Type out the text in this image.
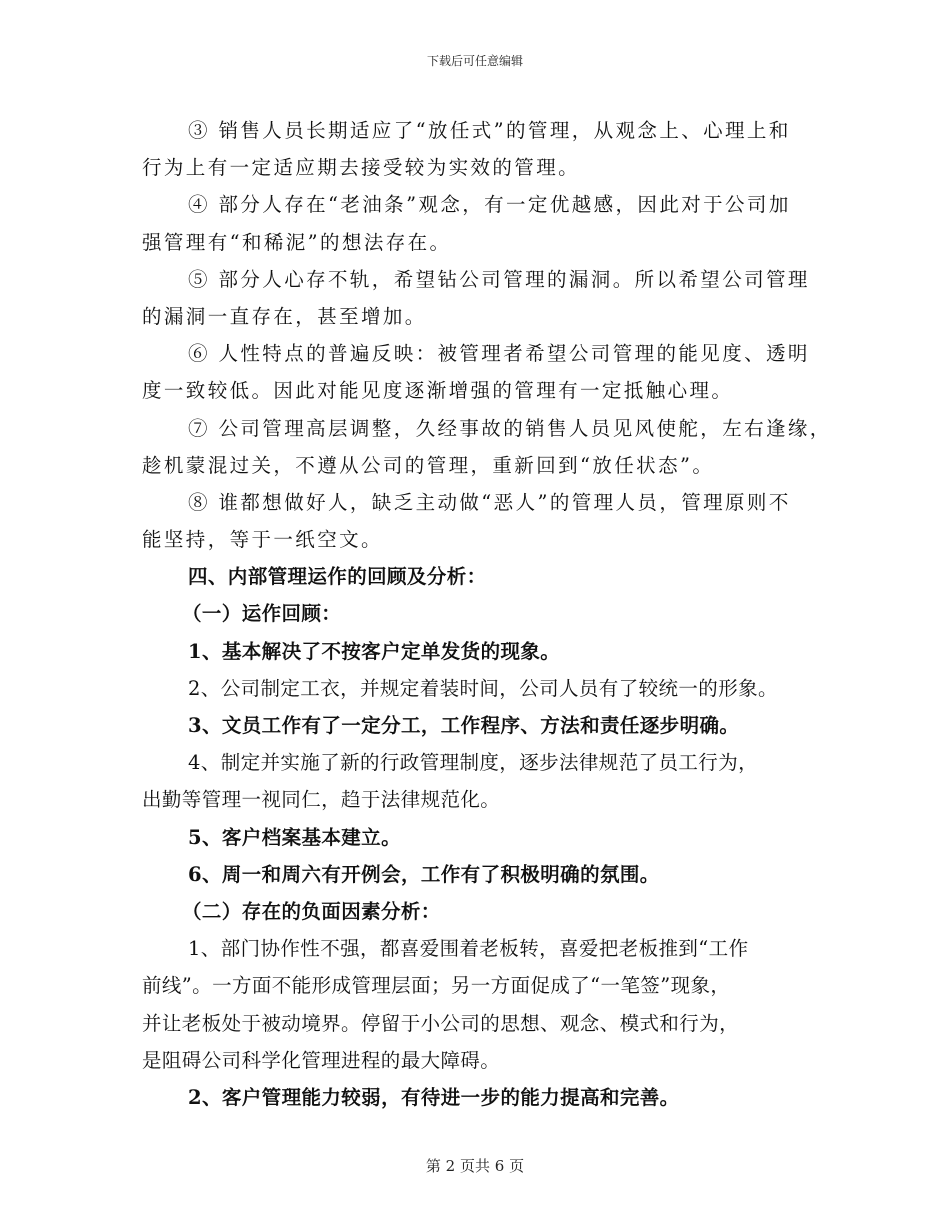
下载后可任意编辑
③ 销售人员长期适应了“放任式”的管理，从观念上、心理上和
行为上有一定适应期去接受较为实效的管理。
④ 部分人存在“老油条”观念，有一定优越感，因此对于公司加
强管理有“和稀泥”的想法存在。
⑤ 部分人心存不轨，希望钻公司管理的漏洞。所以希望公司管理
的漏洞一直存在，甚至增加。
⑥ 人性特点的普遍反映：被管理者希望公司管理的能见度、透明
度一致较低。因此对能见度逐渐增强的管理有一定抵触心理。
⑦ 公司管理高层调整，久经事故的销售人员见风使舵，左右逢缘，
趁机蒙混过关，不遵从公司的管理，重新回到“放任状态”。
⑧ 谁都想做好人，缺乏主动做“恶人”的管理人员，管理原则不
能坚持，等于一纸空文。
四、内部管理运作的回顾及分析：
（一）运作回顾：
1、基本解决了不按客户定单发货的现象。
2、公司制定工衣，并规定着装时间，公司人员有了较统一的形象。
3、文员工作有了一定分工，工作程序、方法和责任逐步明确。
4、制定并实施了新的行政管理制度，逐步法律规范了员工行为，
出勤等管理一视同仁，趋于法律规范化。
5、客户档案基本建立。
6、周一和周六有开例会，工作有了积极明确的氛围。
（二）存在的负面因素分析：
1、部门协作性不强，都喜爱围着老板转，喜爱把老板推到“工作
前线”。一方面不能形成管理层面；另一方面促成了“一笔签”现象，
并让老板处于被动境界。停留于小公司的思想、观念、模式和行为，
是阻碍公司科学化管理进程的最大障碍。
2、客户管理能力较弱，有待进一步的能力提高和完善。
第 2 页共 6 页
